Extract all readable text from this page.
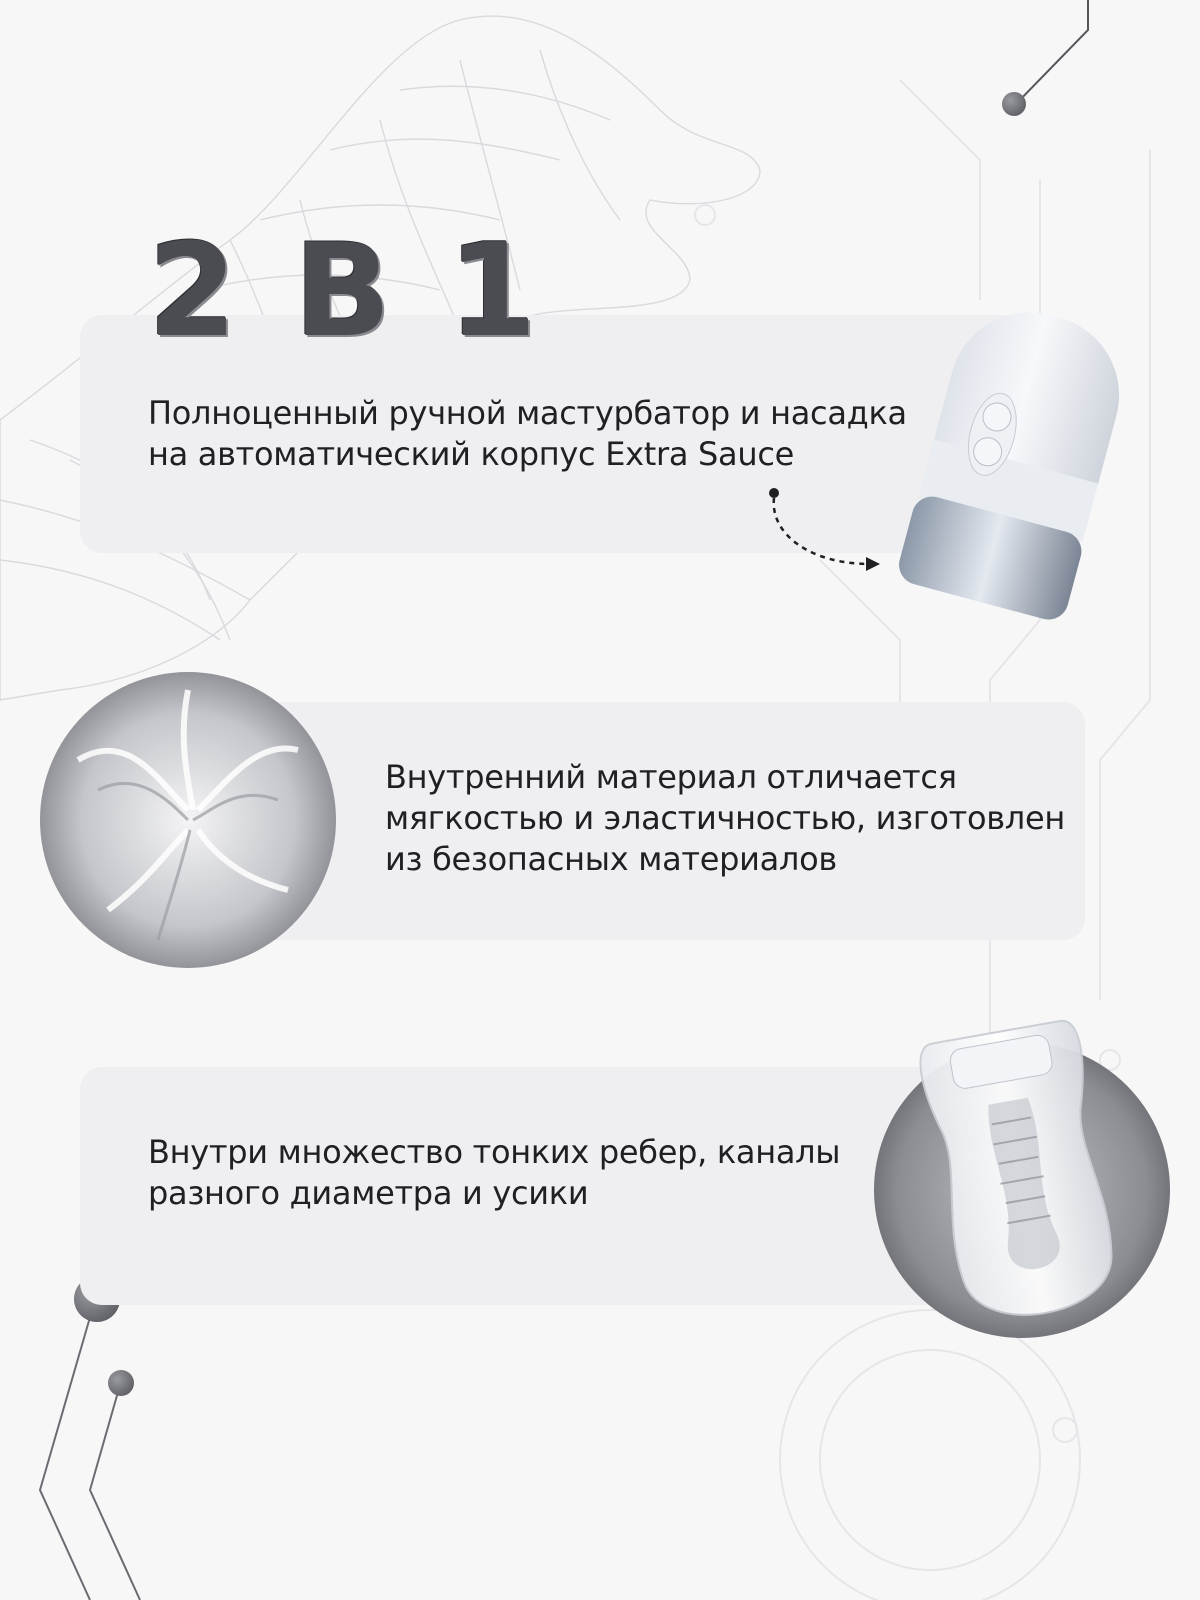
Полноценный ручной мастурбатор и насадка
на автоматический корпус Extra Sauce
2 В 1
Внутренний материал отличается
мягкостью и эластичностью, изготовлен
из безопасных материалов
Внутри множество тонких ребер, каналы
разного диаметра и усики
